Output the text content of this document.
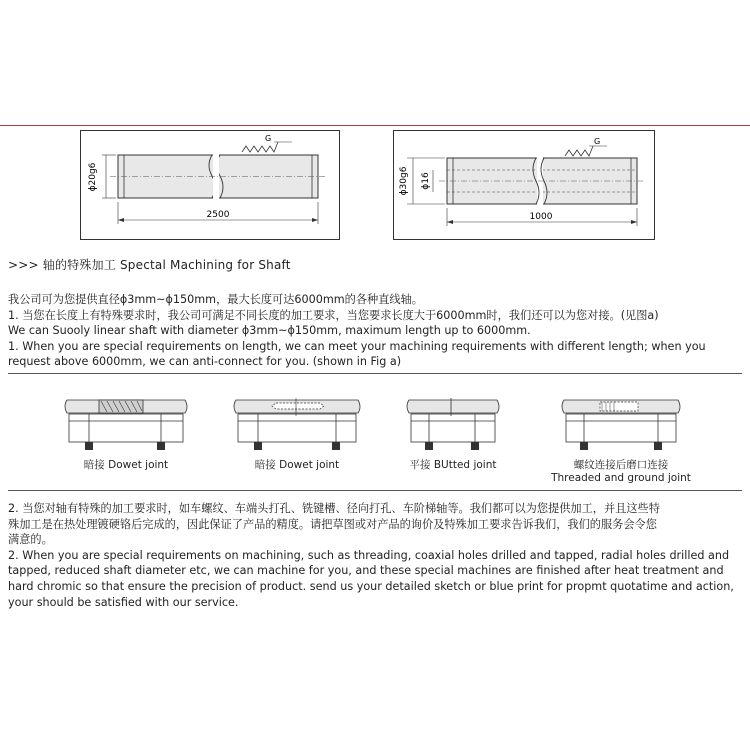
ϕ20g6
2500
G
ϕ30g6 ϕ16
1000
G
>>> 轴的特殊加工 Spectal Machining for Shaft

我公司可为您提供直径ϕ3mm~ϕ150mm，最大长度可达6000mm的各种直线轴。
1. 当您在长度上有特殊要求时，我公司可满足不同长度的加工要求，当您要求长度大于6000mm时，我们还可以为您对接。(见图a)
We can Suooly linear shaft with diameter ϕ3mm~ϕ150mm, maximum length up to 6000mm.
1. When you are special requirements on length, we can meet your machining requirements with different length; when you
request above 6000mm, we can anti-connect for you. (shown in Fig a)

暗接 Dowet joint	暗接 Dowet joint	平接 BUtted joint	螺纹连接后磨口连接
Threaded and ground joint

2. 当您对轴有特殊的加工要求时，如车螺纹、车端头打孔、铣键槽、径向打孔、车阶梯轴等。我们都可以为您提供加工，并且这些特
殊加工是在热处理镀硬铬后完成的，因此保证了产品的精度。请把草图或对产品的询价及特殊加工要求告诉我们，我们的服务会令您
满意的。
2. When you are special requirements on machining, such as threading, coaxial holes drilled and tapped, radial holes drilled and
tapped, reduced shaft diameter etc, we can machine for you, and these special machines are finished after heat treatment and
hard chromic so that ensure the precision of product. send us your detailed sketch or blue print for propmt quotatime and action,
your should be satisfied with our service.
